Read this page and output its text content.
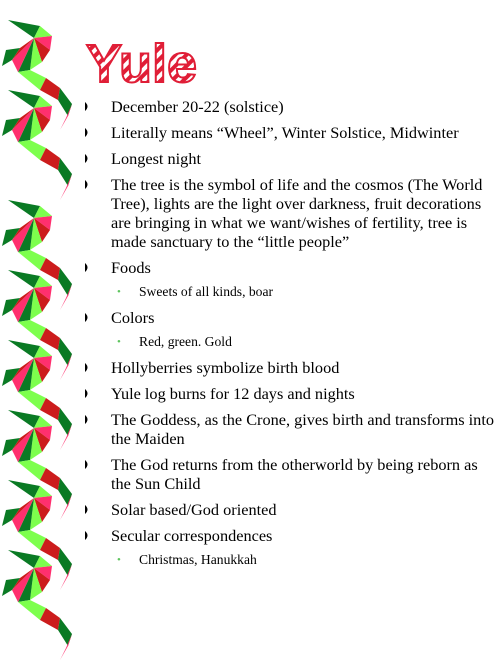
Yule
December 20-22 (solstice)
Literally means “Wheel”, Winter Solstice, Midwinter
Longest night
The tree is the symbol of life and the cosmos (The World Tree), lights are the light over darkness, fruit decorations are bringing in what we want/wishes of fertility, tree is made sanctuary to the “little people”
Foods
• Sweets of all kinds, boar
Colors
• Red, green. Gold
Hollyberries symbolize birth blood
Yule log burns for 12 days and nights
The Goddess, as the Crone, gives birth and transforms into the Maiden
The God returns from the otherworld by being reborn as the Sun Child
Solar based/God oriented
Secular correspondences
• Christmas, Hanukkah
